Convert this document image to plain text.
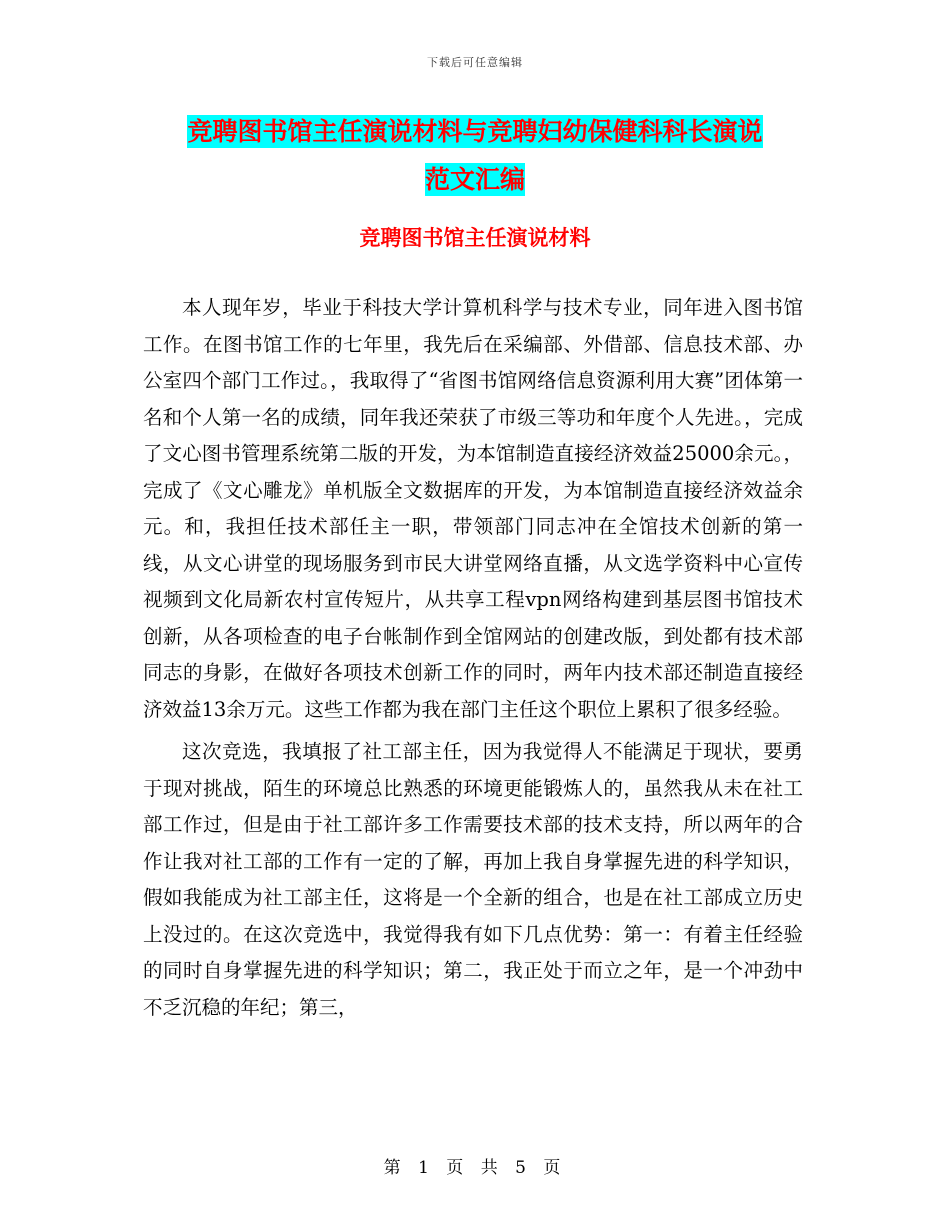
下载后可任意编辑
竞聘图书馆主任演说材料与竞聘妇幼保健科科长演说
范文汇编
竞聘图书馆主任演说材料

本人现年岁，毕业于科技大学计算机科学与技术专业，同年进入图书馆工作。在图书馆工作的七年里，我先后在采编部、外借部、信息技术部、办公室四个部门工作过。，我取得了“省图书馆网络信息资源利用大赛”团体第一名和个人第一名的成绩，同年我还荣获了市级三等功和年度个人先进。，完成了文心图书管理系统第二版的开发，为本馆制造直接经济效益25000余元。，完成了《文心雕龙》单机版全文数据库的开发，为本馆制造直接经济效益余元。和，我担任技术部任主一职，带领部门同志冲在全馆技术创新的第一线，从文心讲堂的现场服务到市民大讲堂网络直播，从文选学资料中心宣传视频到文化局新农村宣传短片，从共享工程vpn网络构建到基层图书馆技术创新，从各项检查的电子台帐制作到全馆网站的创建改版，到处都有技术部同志的身影，在做好各项技术创新工作的同时，两年内技术部还制造直接经济效益13余万元。这些工作都为我在部门主任这个职位上累积了很多经验。

这次竞选，我填报了社工部主任，因为我觉得人不能满足于现状，要勇于现对挑战，陌生的环境总比熟悉的环境更能锻炼人的，虽然我从未在社工部工作过，但是由于社工部许多工作需要技术部的技术支持，所以两年的合作让我对社工部的工作有一定的了解，再加上我自身掌握先进的科学知识，假如我能成为社工部主任，这将是一个全新的组合，也是在社工部成立历史上没过的。在这次竞选中，我觉得我有如下几点优势：第一：有着主任经验的同时自身掌握先进的科学知识；第二，我正处于而立之年，是一个冲劲中不乏沉稳的年纪；第三，

第 1 页 共 5 页
